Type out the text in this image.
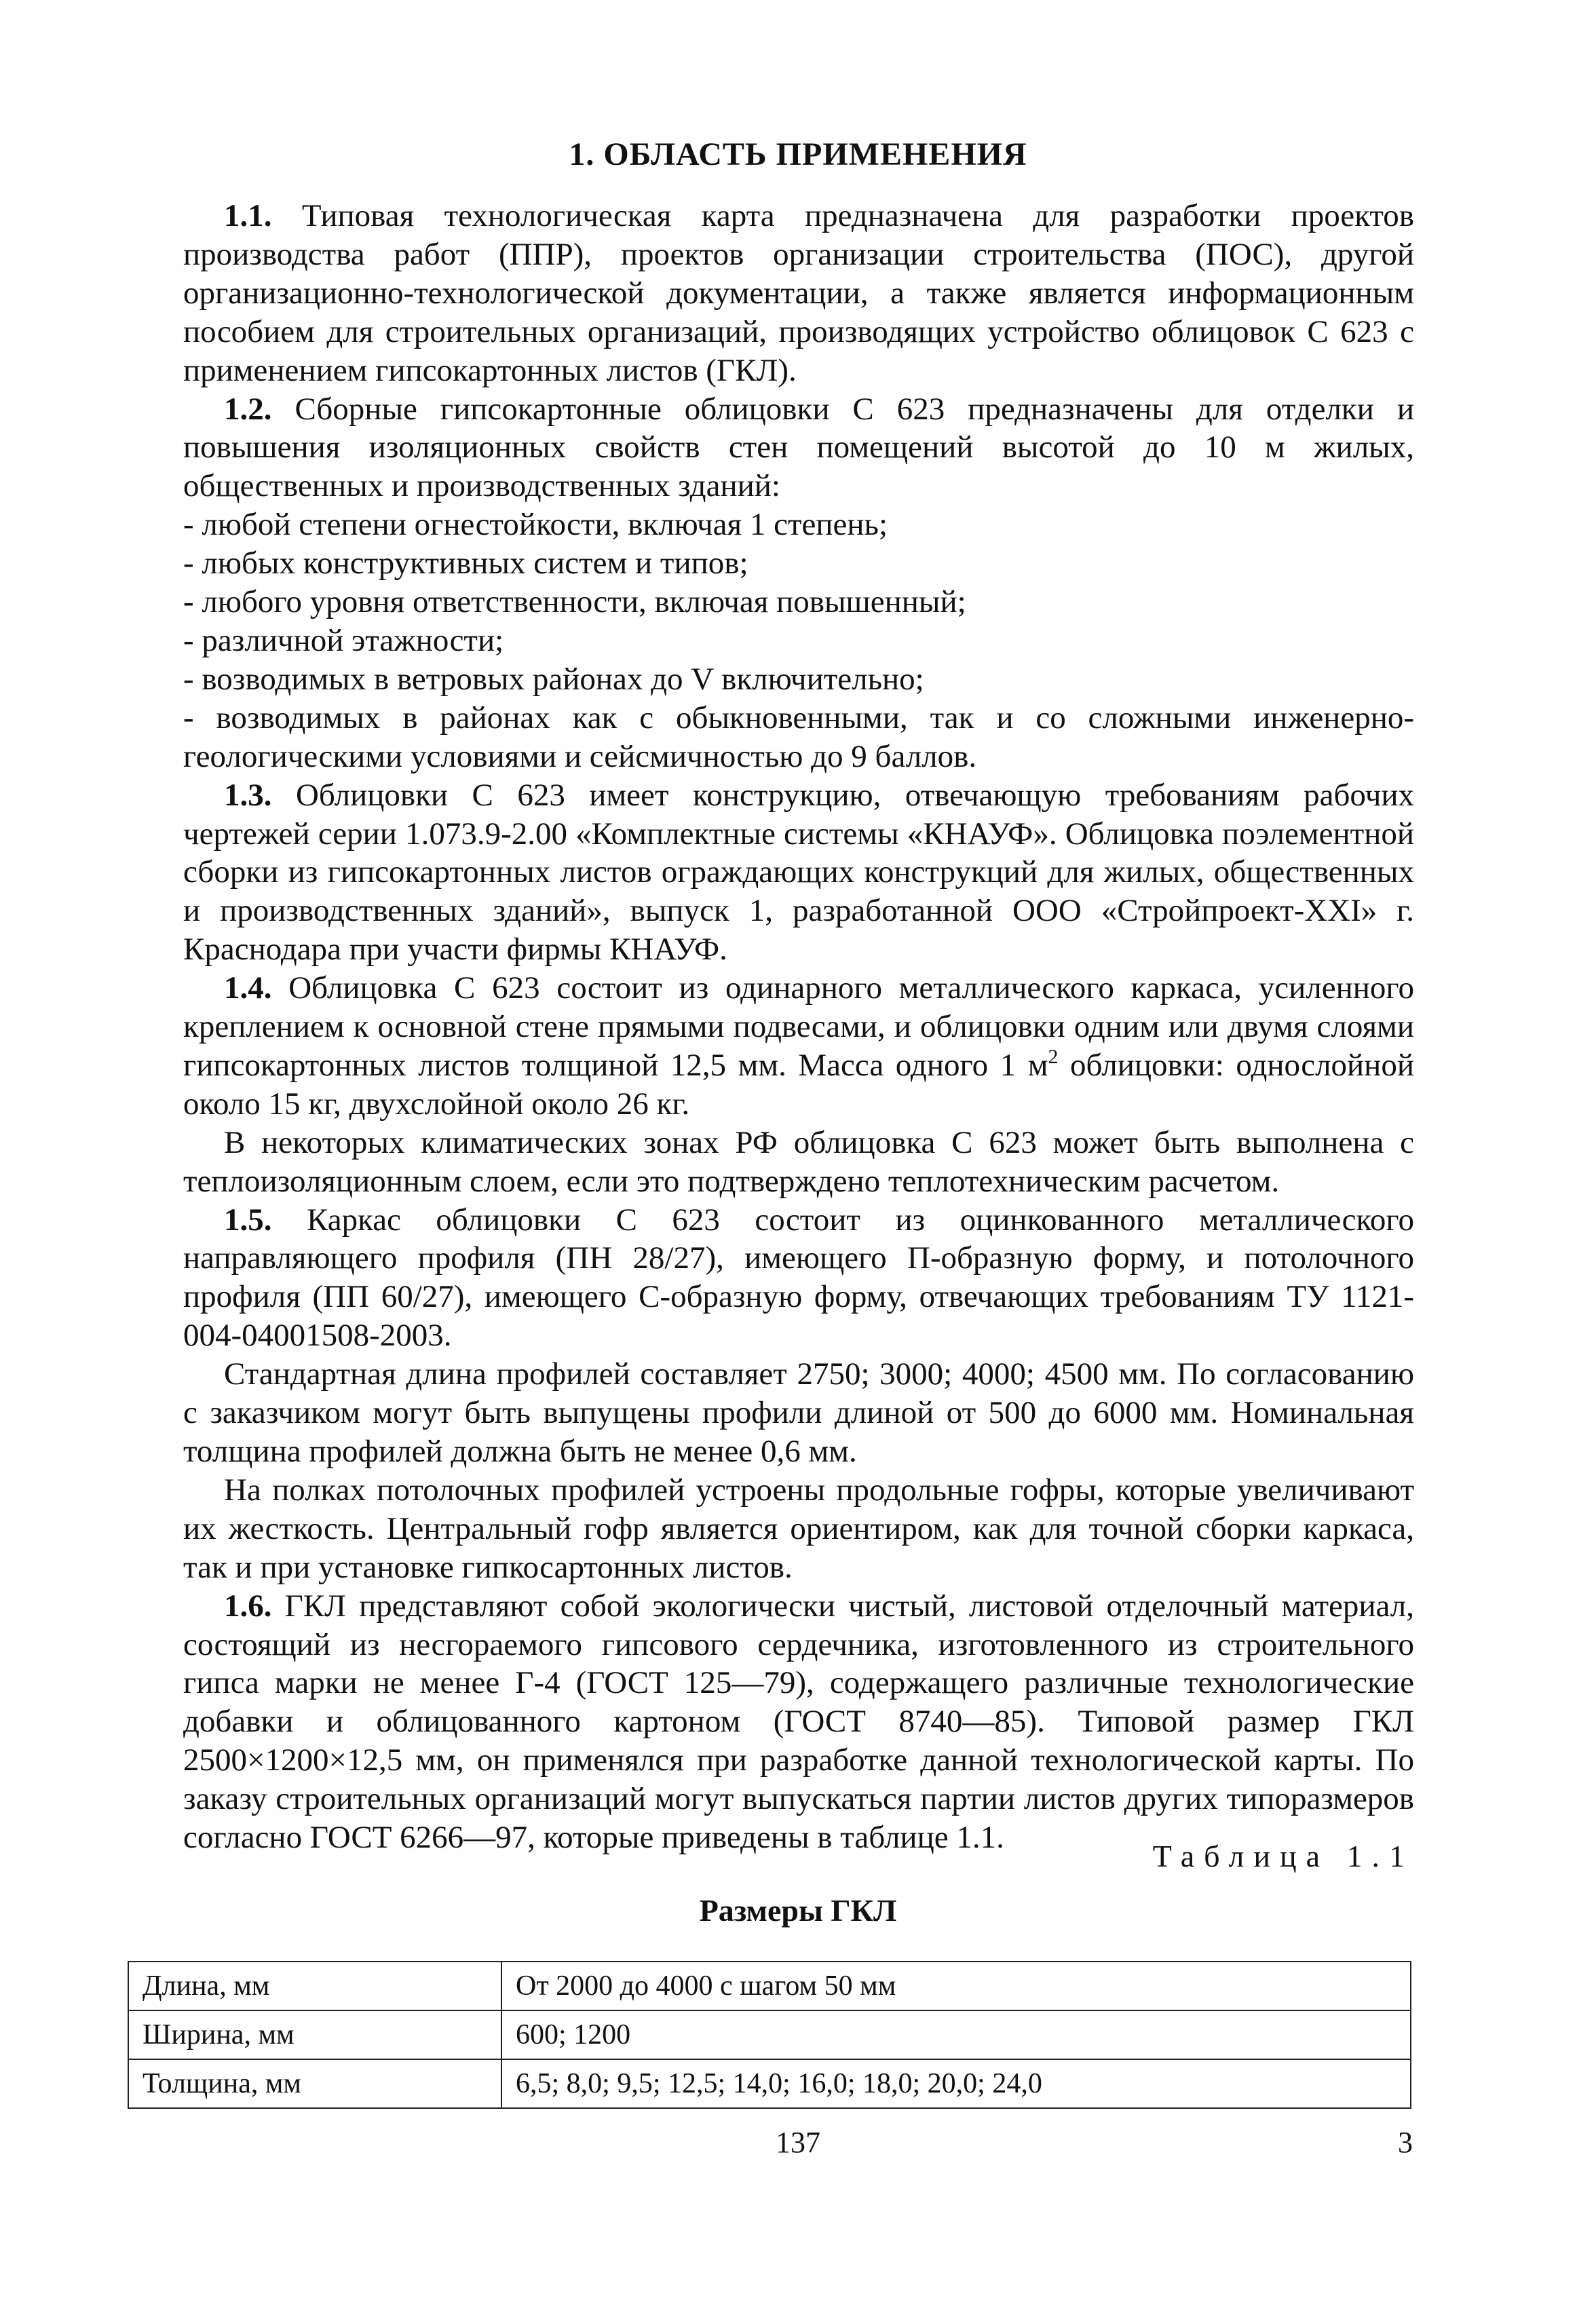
1. ОБЛАСТЬ ПРИМЕНЕНИЯ

1.1. Типовая технологическая карта предназначена для разработки проектов производства работ (ППР), проектов организации строительства (ПОС), другой организационно-технологической документации, а также является информационным пособием для строительных организаций, производящих устройство облицовок С 623 с применением гипсокартонных листов (ГКЛ).

1.2. Сборные гипсокартонные облицовки С 623 предназначены для отделки и повышения изоляционных свойств стен помещений высотой до 10 м жилых, общественных и производственных зданий:

- любой степени огнестойкости, включая 1 степень;

- любых конструктивных систем и типов;

- любого уровня ответственности, включая повышенный;

- различной этажности;

- возводимых в ветровых районах до V включительно;

- возводимых в районах как с обыкновенными, так и со сложными инженерно-геологическими условиями и сейсмичностью до 9 баллов.

1.3. Облицовки С 623 имеет конструкцию, отвечающую требованиям рабочих чертежей серии 1.073.9-2.00 «Комплектные системы «КНАУФ». Облицовка поэлементной сборки из гипсокартонных листов ограждающих конструкций для жилых, общественных и производственных зданий», выпуск 1, разработанной ООО «Стройпроект-XXI» г. Краснодара при участи фирмы КНАУФ.

1.4. Облицовка С 623 состоит из одинарного металлического каркаса, усиленного креплением к основной стене прямыми подвесами, и облицовки одним или двумя слоями гипсокартонных листов толщиной 12,5 мм. Масса одного 1 $м^2$ облицовки: однослойной около 15 кг, двухслойной около 26 кг.

В некоторых климатических зонах РФ облицовка С 623 может быть выполнена с теплоизоляционным слоем, если это подтверждено теплотехническим расчетом.

1.5. Каркас облицовки С 623 состоит из оцинкованного металлического направляющего профиля (ПН 28/27), имеющего П-образную форму, и потолочного профиля (ПП 60/27), имеющего С-образную форму, отвечающих требованиям ТУ 1121-004-04001508-2003.

Стандартная длина профилей составляет 2750; 3000; 4000; 4500 мм. По согласованию с заказчиком могут быть выпущены профили длиной от 500 до 6000 мм. Номинальная толщина профилей должна быть не менее 0,6 мм.

На полках потолочных профилей устроены продольные гофры, которые увеличивают их жесткость. Центральный гофр является ориентиром, как для точной сборки каркаса, так и при установке гипкосартонных листов.

1.6. ГКЛ представляют собой экологически чистый, листовой отделочный материал, состоящий из несгораемого гипсового сердечника, изготовленного из строительного гипса марки не менее Г-4 (ГОСТ 125—79), содержащего различные технологические добавки и облицованного картоном (ГОСТ 8740—85). Типовой размер ГКЛ 2500×1200×12,5 мм, он применялся при разработке данной технологической карты. По заказу строительных организаций могут выпускаться партии листов других типоразмеров согласно ГОСТ 6266—97, которые приведены в таблице 1.1.

Таблица 1.1
Размеры ГКЛ
Длина, мм	От 2000 до 4000 с шагом 50 мм
Ширина, мм	600; 1200
Толщина, мм	6,5; 8,0; 9,5; 12,5; 14,0; 16,0; 18,0; 20,0; 24,0
137	3
